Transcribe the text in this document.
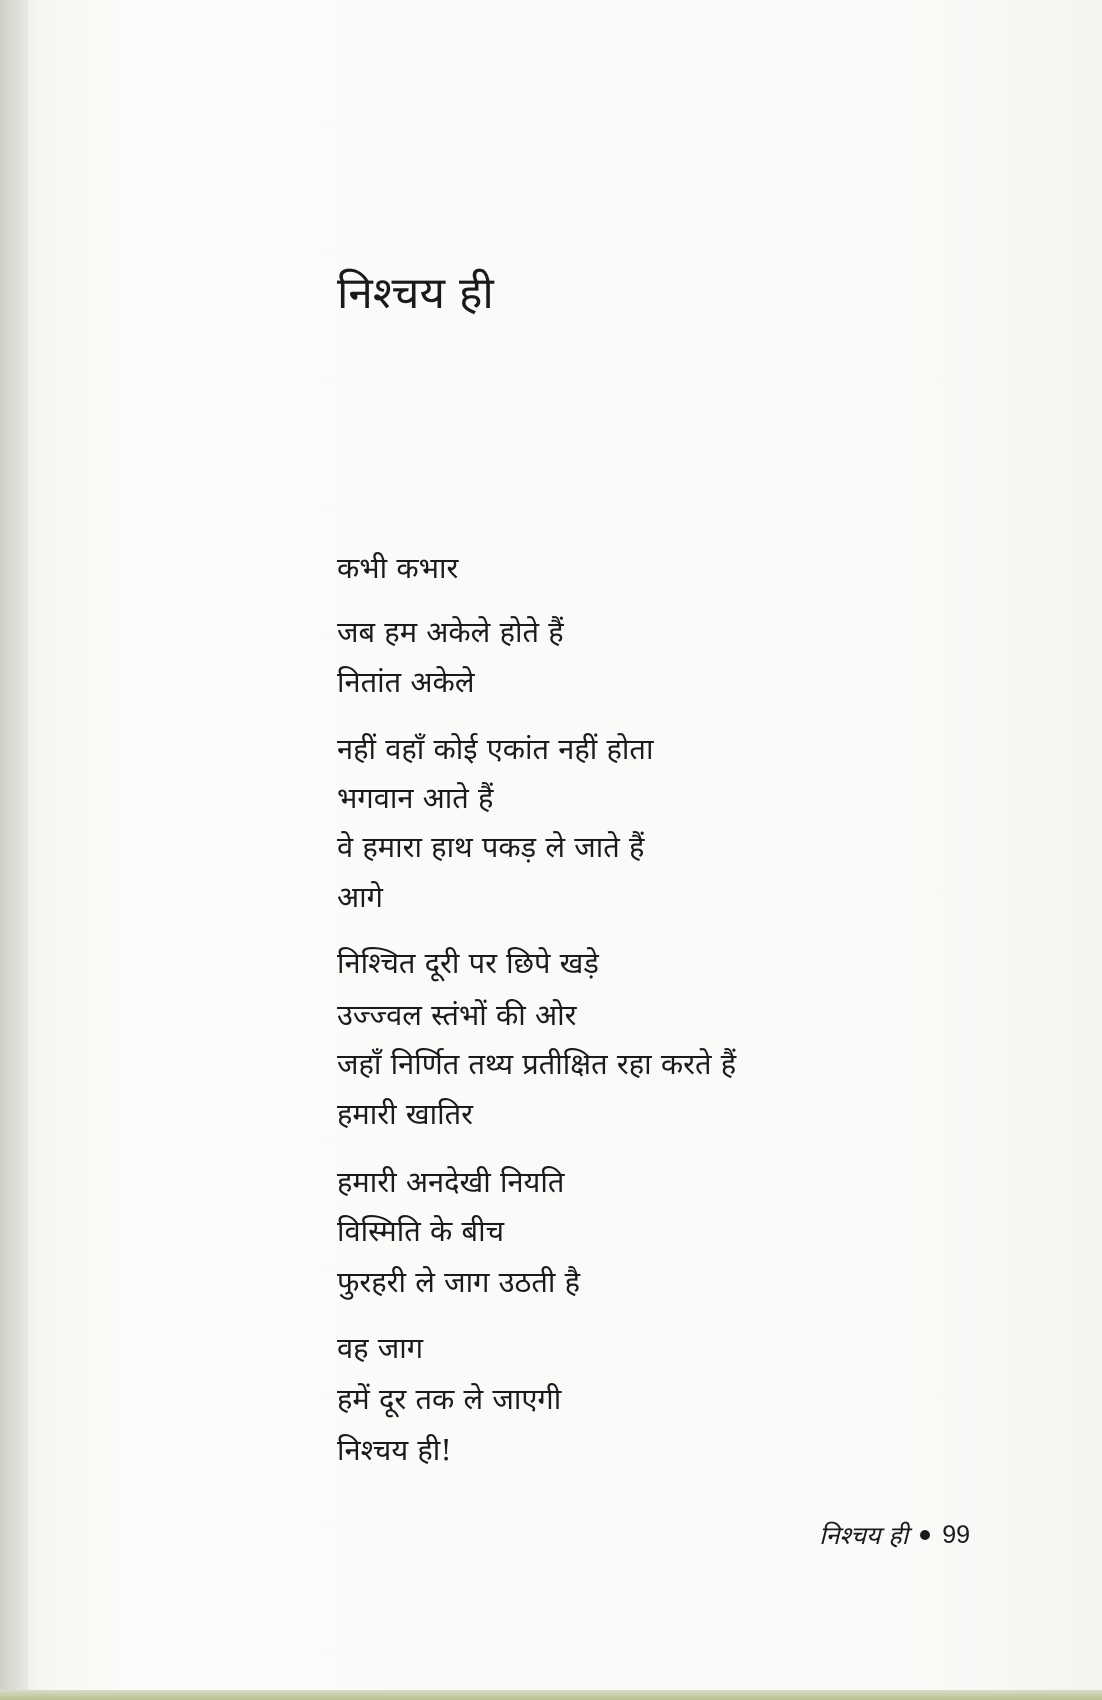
निश्चय ही
कभी कभार
जब हम अकेले होते हैं
नितांत अकेले
नहीं वहाँ कोई एकांत नहीं होता
भगवान आते हैं
वे हमारा हाथ पकड़ ले जाते हैं
आगे
निश्चित दूरी पर छिपे खड़े
उज्ज्वल स्तंभों की ओर
जहाँ निर्णित तथ्य प्रतीक्षित रहा करते हैं
हमारी खातिर
हमारी अनदेखी नियति
विस्मिति के बीच
फुरहरी ले जाग उठती है
वह जाग
हमें दूर तक ले जाएगी
निश्चय ही!
निश्चय ही 99
